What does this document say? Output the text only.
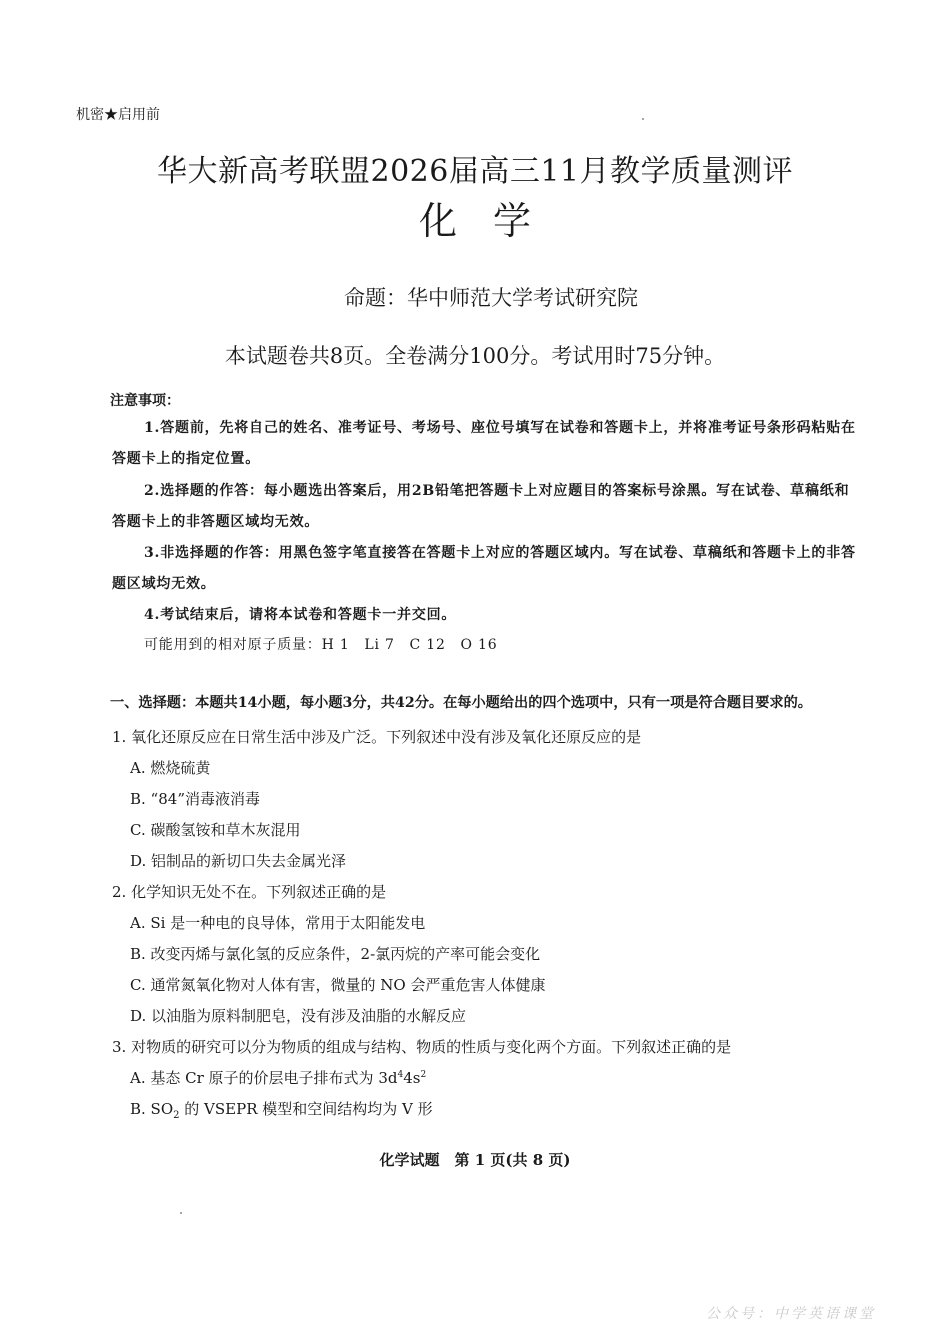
机密★启用前
华大新高考联盟2026届高三11月教学质量测评
化学
命题：华中师范大学考试研究院
本试题卷共8页。全卷满分100分。考试用时75分钟。
注意事项：
1.答题前，先将自己的姓名、准考证号、考场号、座位号填写在试卷和答题卡上，并将准考证号条形码粘贴在答题卡上的指定位置。
2.选择题的作答：每小题选出答案后，用2B铅笔把答题卡上对应题目的答案标号涂黑。写在试卷、草稿纸和答题卡上的非答题区域均无效。
3.非选择题的作答：用黑色签字笔直接答在答题卡上对应的答题区域内。写在试卷、草稿纸和答题卡上的非答题区域均无效。
4.考试结束后，请将本试卷和答题卡一并交回。
可能用到的相对原子质量：H 1　Li 7　C 12　O 16
一、选择题：本题共14小题，每小题3分，共42分。在每小题给出的四个选项中，只有一项是符合题目要求的。
1. 氧化还原反应在日常生活中涉及广泛。下列叙述中没有涉及氧化还原反应的是
A. 燃烧硫黄
B. “84”消毒液消毒
C. 碳酸氢铵和草木灰混用
D. 铝制品的新切口失去金属光泽
2. 化学知识无处不在。下列叙述正确的是
A. Si 是一种电的良导体，常用于太阳能发电
B. 改变丙烯与氯化氢的反应条件，2-氯丙烷的产率可能会变化
C. 通常氮氧化物对人体有害，微量的 NO 会严重危害人体健康
D. 以油脂为原料制肥皂，没有涉及油脂的水解反应
3. 对物质的研究可以分为物质的组成与结构、物质的性质与变化两个方面。下列叙述正确的是
A. 基态 Cr 原子的价层电子排布式为 $3d^44s^2$
B. $SO_2$ 的 VSEPR 模型和空间结构均为 V 形
化学试题　第 1 页(共 8 页)
公众号：中学英语课堂
